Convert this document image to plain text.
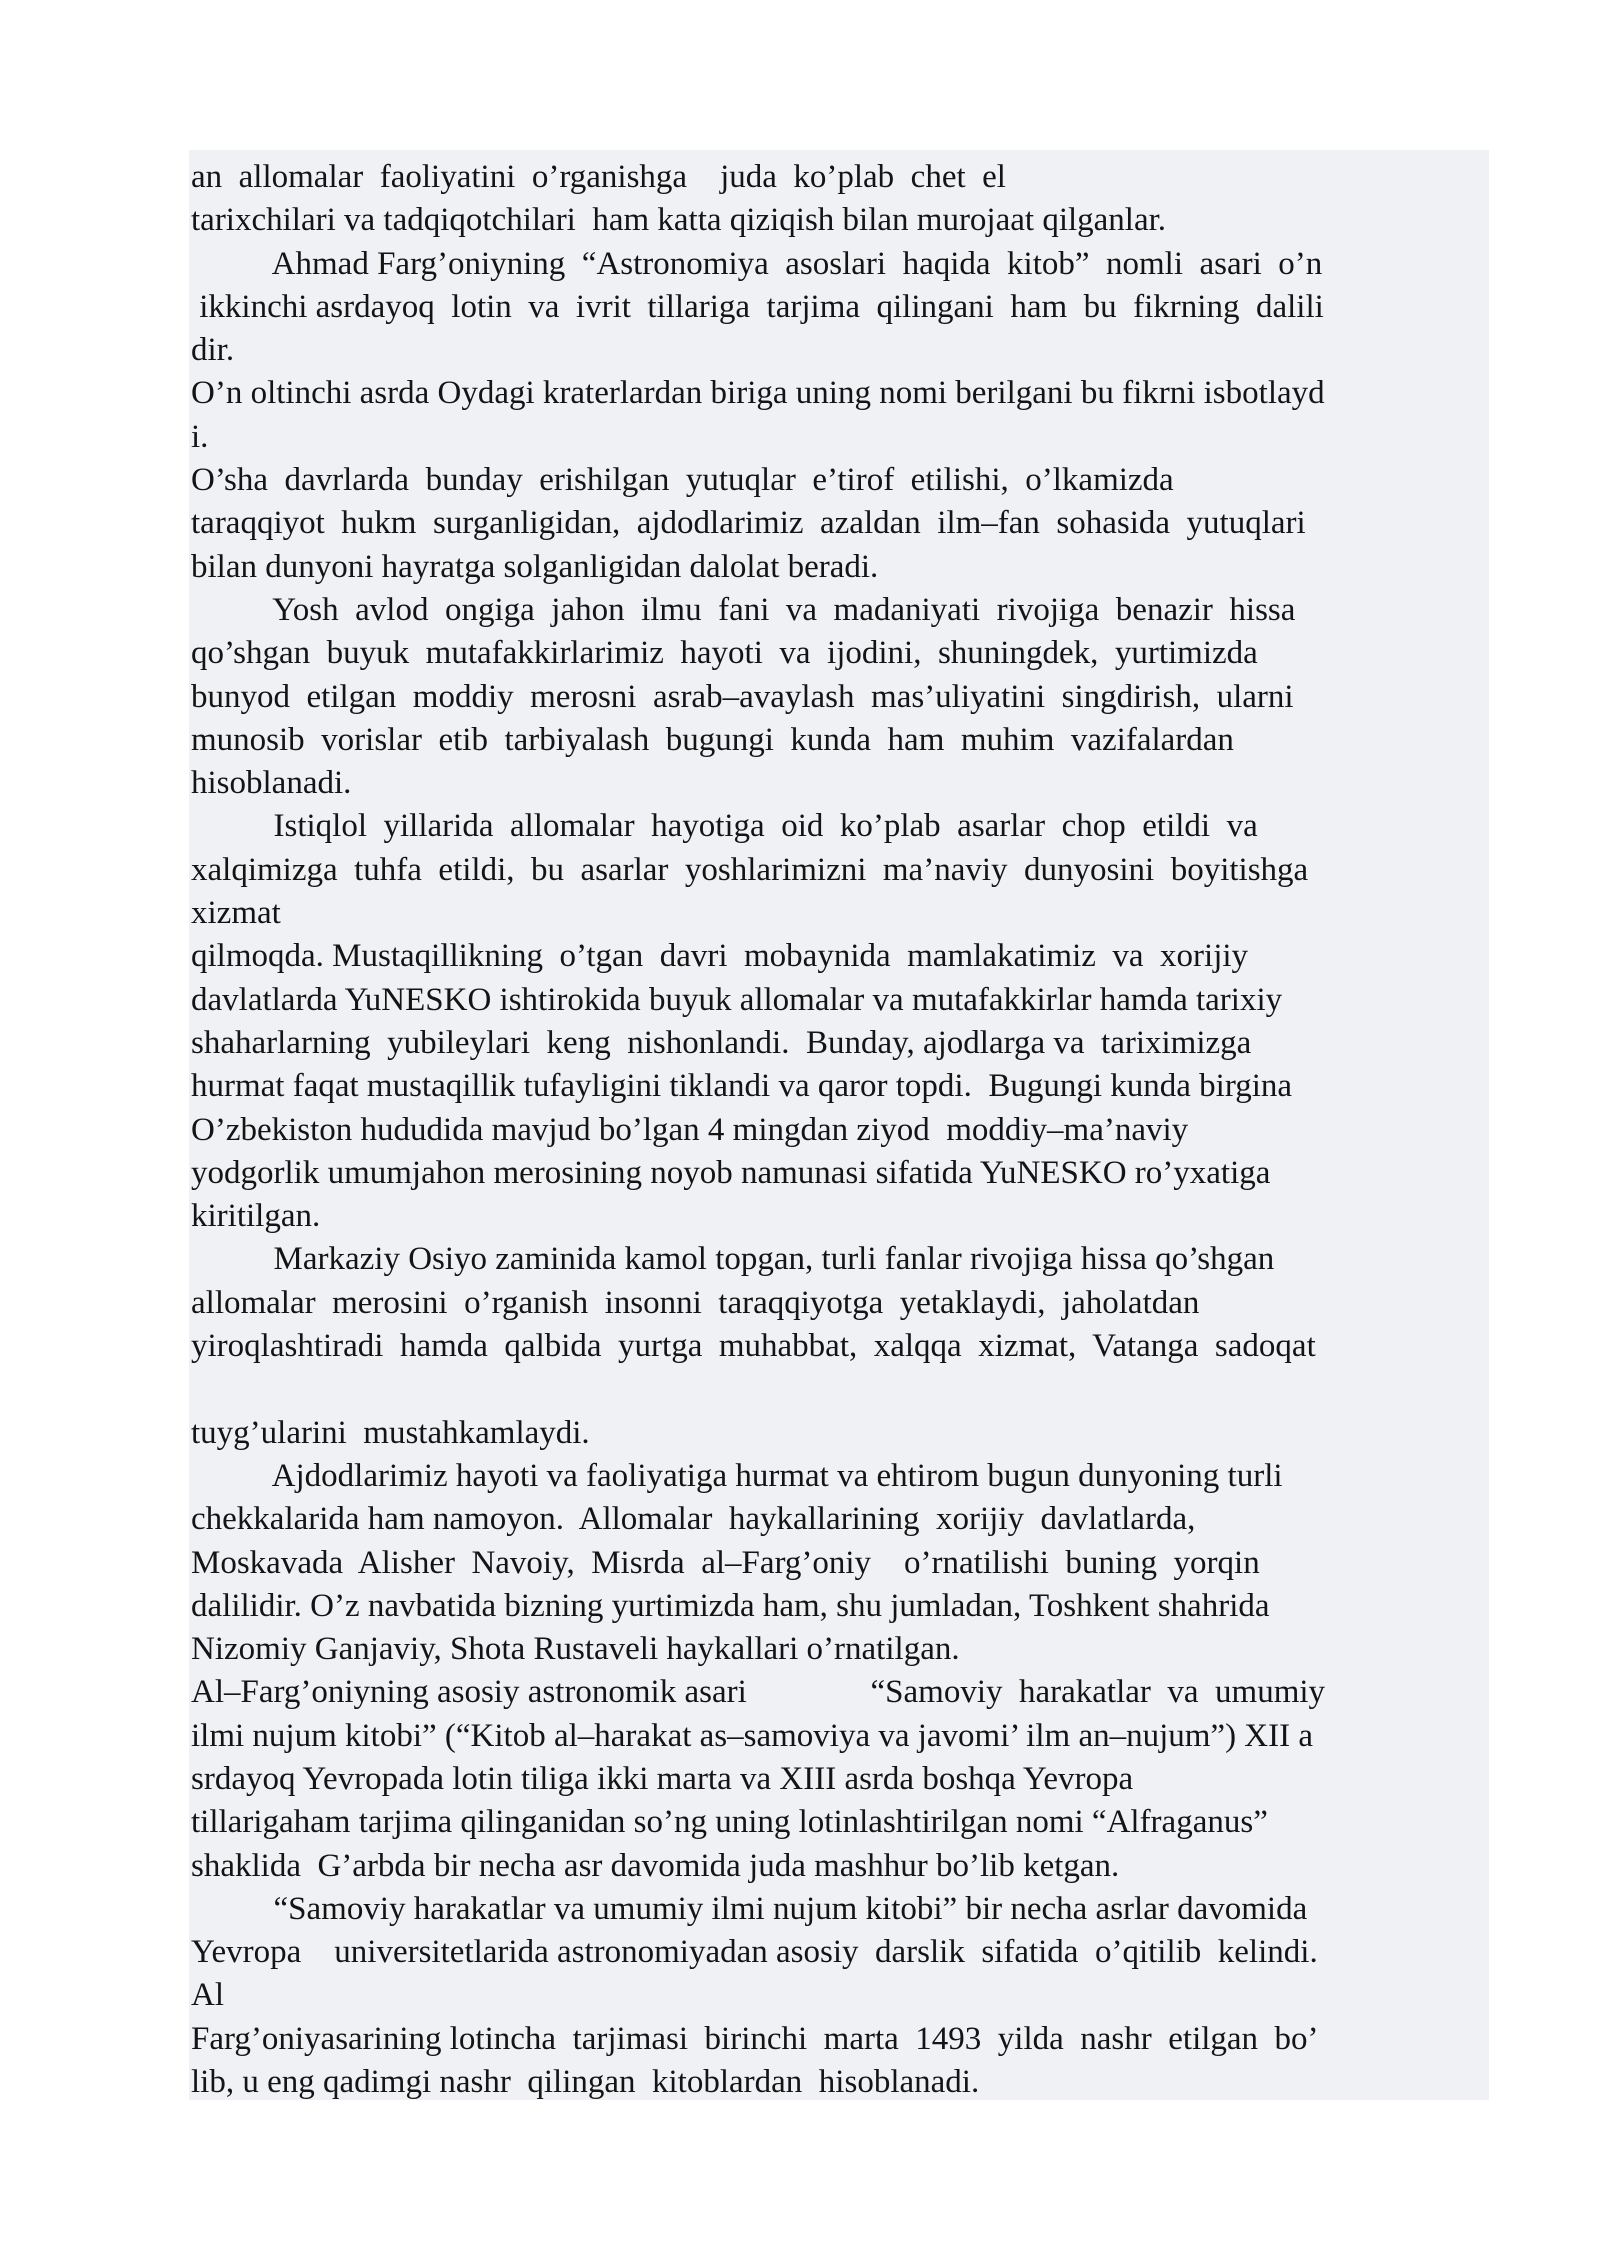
an  allomalar  faoliyatini  o’rganishga    juda  ko’plab  chet  el
tarixchilari va tadqiqotchilari  ham katta qiziqish bilan murojaat qilganlar.
Ahmad Farg’oniyning  “Astronomiya  asoslari  haqida  kitob”  nomli  asari  o’n
ikkinchi asrdayoq  lotin  va  ivrit  tillariga  tarjima  qilingani  ham  bu  fikrning  dalili
dir.
O’n oltinchi asrda Oydagi kraterlardan biriga uning nomi berilgani bu fikrni isbotlayd
i.
O’sha  davrlarda  bunday  erishilgan  yutuqlar  e’tirof  etilishi,  o’lkamizda
taraqqiyot  hukm  surganligidan,  ajdodlarimiz  azaldan  ilm–fan  sohasida  yutuqlari
bilan dunyoni hayratga solganligidan dalolat beradi.
Yosh  avlod  ongiga  jahon  ilmu  fani  va  madaniyati  rivojiga  benazir  hissa
qo’shgan  buyuk  mutafakkirlarimiz  hayoti  va  ijodini,  shuningdek,  yurtimizda
bunyod  etilgan  moddiy  merosni  asrab–avaylash  mas’uliyatini  singdirish,  ularni
munosib  vorislar  etib  tarbiyalash  bugungi  kunda  ham  muhim  vazifalardan
hisoblanadi.
Istiqlol  yillarida  allomalar  hayotiga  oid  ko’plab  asarlar  chop  etildi  va
xalqimizga  tuhfa  etildi,  bu  asarlar  yoshlarimizni  ma’naviy  dunyosini  boyitishga
xizmat
qilmoqda. Mustaqillikning  o’tgan  davri  mobaynida  mamlakatimiz  va  xorijiy
davlatlarda YuNESKO ishtirokida buyuk allomalar va mutafakkirlar hamda tarixiy
shaharlarning  yubileylari  keng  nishonlandi.  Bunday, ajodlarga va  tariximizga
hurmat faqat mustaqillik tufayligini tiklandi va qaror topdi.  Bugungi kunda birgina
O’zbekiston hududida mavjud bo’lgan 4 mingdan ziyod  moddiy–ma’naviy
yodgorlik umumjahon merosining noyob namunasi sifatida YuNESKO ro’yxatiga
kiritilgan.
Markaziy Osiyo zaminida kamol topgan, turli fanlar rivojiga hissa qo’shgan
allomalar  merosini  o’rganish  insonni  taraqqiyotga  yetaklaydi,  jaholatdan
yiroqlashtiradi  hamda  qalbida  yurtga  muhabbat,  xalqqa  xizmat,  Vatanga  sadoqat
tuyg’ularini  mustahkamlaydi.
Ajdodlarimiz hayoti va faoliyatiga hurmat va ehtirom bugun dunyoning turli
chekkalarida ham namoyon.  Allomalar  haykallarining  xorijiy  davlatlarda,
Moskavada  Alisher  Navoiy,  Misrda  al–Farg’oniy    o’rnatilishi  buning  yorqin
dalilidir. O’z navbatida bizning yurtimizda ham, shu jumladan, Toshkent shahrida
Nizomiy Ganjaviy, Shota Rustaveli haykallari o’rnatilgan.
Al–Farg’oniyning asosiy astronomik asari               “Samoviy  harakatlar  va  umumiy
ilmi nujum kitobi” (“Kitob al–harakat as–samoviya va javomi’ ilm an–nujum”) XII a
srdayoq Yevropada lotin tiliga ikki marta va XIII asrda boshqa Yevropa
tillarigaham tarjima qilinganidan so’ng uning lotinlashtirilgan nomi “Alfraganus”
shaklida  G’arbda bir necha asr davomida juda mashhur bo’lib ketgan.
“Samoviy harakatlar va umumiy ilmi nujum kitobi” bir necha asrlar davomida
Yevropa    universitetlarida astronomiyadan asosiy  darslik  sifatida  o’qitilib  kelindi.
Al
Farg’oniyasarining lotincha  tarjimasi  birinchi  marta  1493  yilda  nashr  etilgan  bo’
lib, u eng qadimgi nashr  qilingan  kitoblardan  hisoblanadi.
